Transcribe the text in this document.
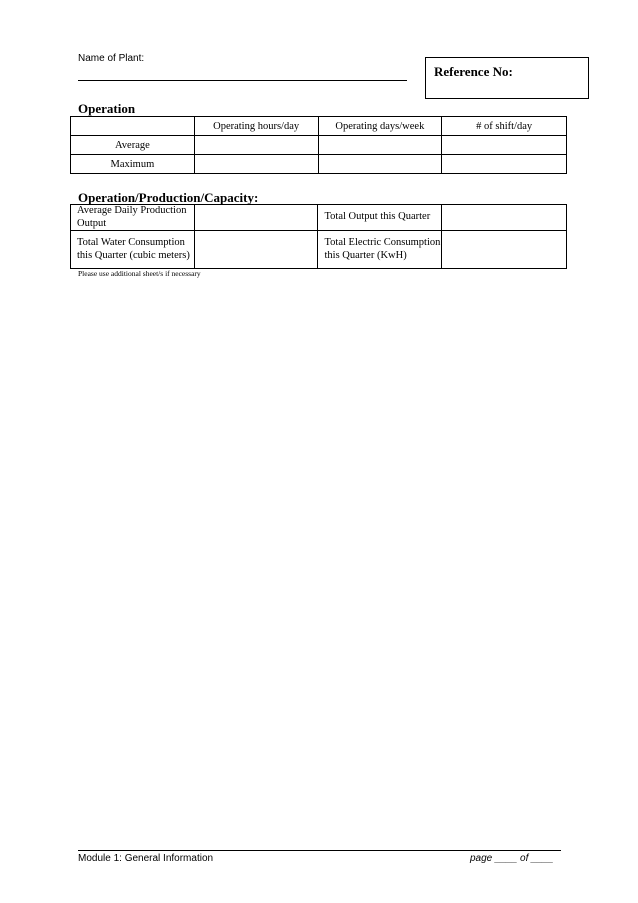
Name of Plant:
Reference No:
Operation
	Operating hours/day	Operating days/week	# of shift/day
Average			
Maximum			
Operation/Production/Capacity:
Average Daily Production Output		Total Output this Quarter	
Total Water Consumption this Quarter (cubic meters)		Total Electric Consumption this Quarter (KwH)	
Please use additional sheet/s if necessary
Module 1: General Information	page ____ of ____
